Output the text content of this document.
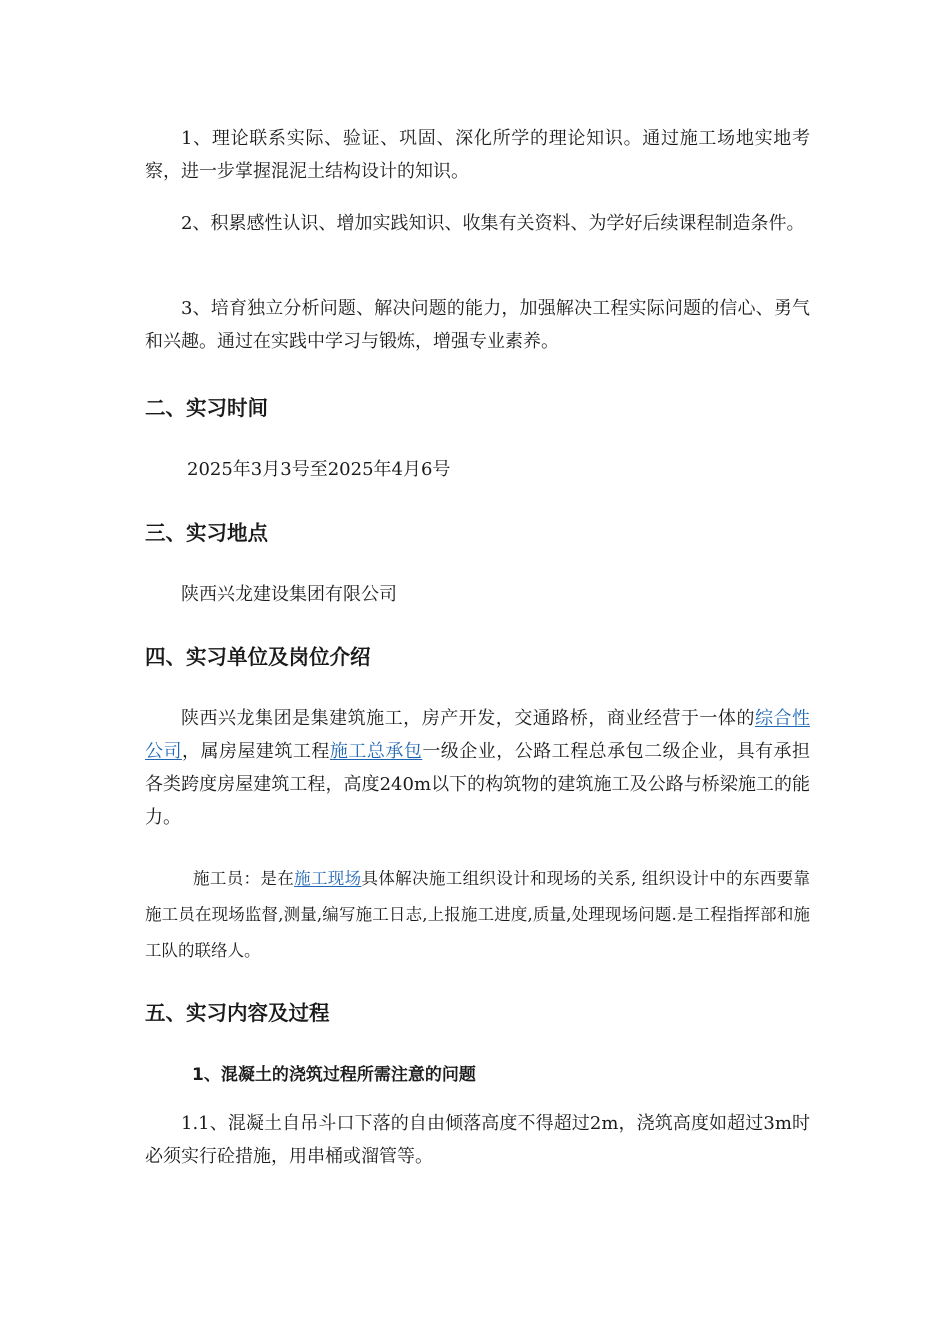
1、理论联系实际、验证、巩固、深化所学的理论知识。通过施工场地实地考察，进一步掌握混泥土结构设计的知识。

2、积累感性认识、增加实践知识、收集有关资料、为学好后续课程制造条件。

3、培育独立分析问题、解决问题的能力，加强解决工程实际问题的信心、勇气和兴趣。通过在实践中学习与锻炼，增强专业素养。

二、实习时间

2025年3月3号至2025年4月6号

三、实习地点

陕西兴龙建设集团有限公司

四、实习单位及岗位介绍

陕西兴龙集团是集建筑施工，房产开发，交通路桥，商业经营于一体的综合性公司，属房屋建筑工程施工总承包一级企业，公路工程总承包二级企业，具有承担各类跨度房屋建筑工程，高度240m以下的构筑物的建筑施工及公路与桥梁施工的能力。

施工员：是在施工现场具体解决施工组织设计和现场的关系, 组织设计中的东西要靠施工员在现场监督,测量,编写施工日志,上报施工进度,质量,处理现场问题.是工程指挥部和施工队的联络人。

五、实习内容及过程
1、混凝土的浇筑过程所需注意的问题

1.1、混凝土自吊斗口下落的自由倾落高度不得超过2m，浇筑高度如超过3m时必须实行砼措施，用串桶或溜管等。
